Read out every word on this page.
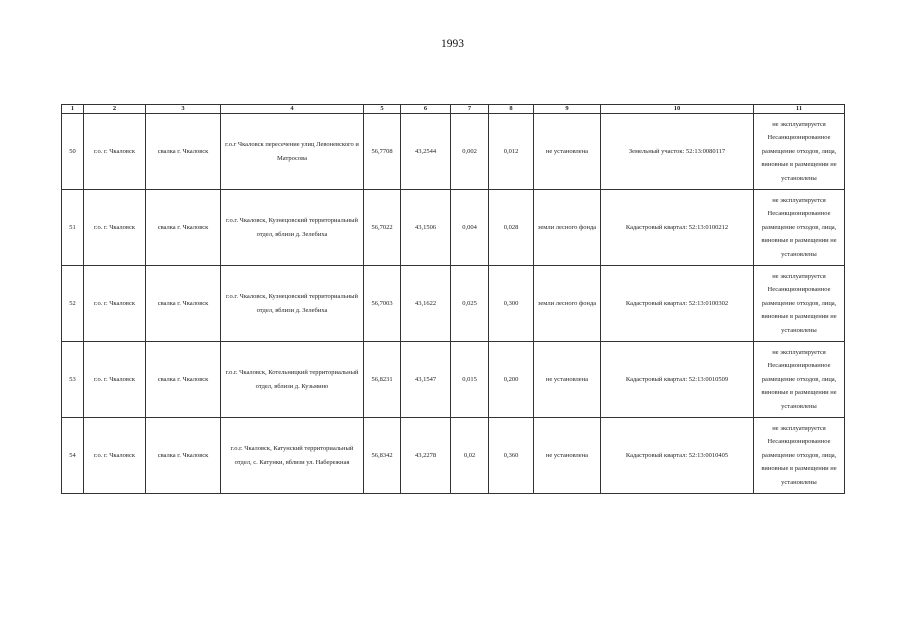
1993
1	2	3	4	5	6	7	8	9	10	11
50	г.о. г. Чкаловск	свалка г. Чкаловск	г.о.г Чкаловск пересечение улиц Левоневского и Матросова	56,7708	43,2544	0,002	0,012	не установлена	Земельный участок: 52:13:0080117	не эксплуатируется Несанкционированное размещение отходов, лица, виновные в размещении не установлены
51	г.о. г. Чкаловск	свалка г. Чкаловск	г.о.г. Чкаловск, Кузнецовский территориальный отдел, вблизи д. Зелебиха	56,7022	43,1506	0,004	0,028	земли лесного фонда	Кадастровый квартал: 52:13:0100212	не эксплуатируется Несанкционированное размещение отходов, лица, виновные в размещении не установлены
52	г.о. г. Чкаловск	свалка г. Чкаловск	г.о.г. Чкаловск, Кузнецовский территориальный отдел, вблизи д. Зелебиха	56,7003	43,1622	0,025	0,300	земли лесного фонда	Кадастровый квартал: 52:13:0100302	не эксплуатируется Несанкционированное размещение отходов, лица, виновные в размещении не установлены
53	г.о. г. Чкаловск	свалка г. Чкаловск	г.о.г. Чкаловск, Котельницкий территориальный отдел, вблизи д. Кузьмино	56,8231	43,1547	0,015	0,200	не установлена	Кадастровый квартал: 52:13:0010509	не эксплуатируется Несанкционированное размещение отходов, лица, виновные в размещении не установлены
54	г.о. г. Чкаловск	свалка г. Чкаловск	г.о.г. Чкаловск, Катунский территориальный отдел, с. Катунки, вблизи ул. Набережная	56,8342	43,2278	0,02	0,360	не установлена	Кадастровый квартал: 52:13:0010405	не эксплуатируется Несанкционированное размещение отходов, лица, виновные в размещении не установлены
